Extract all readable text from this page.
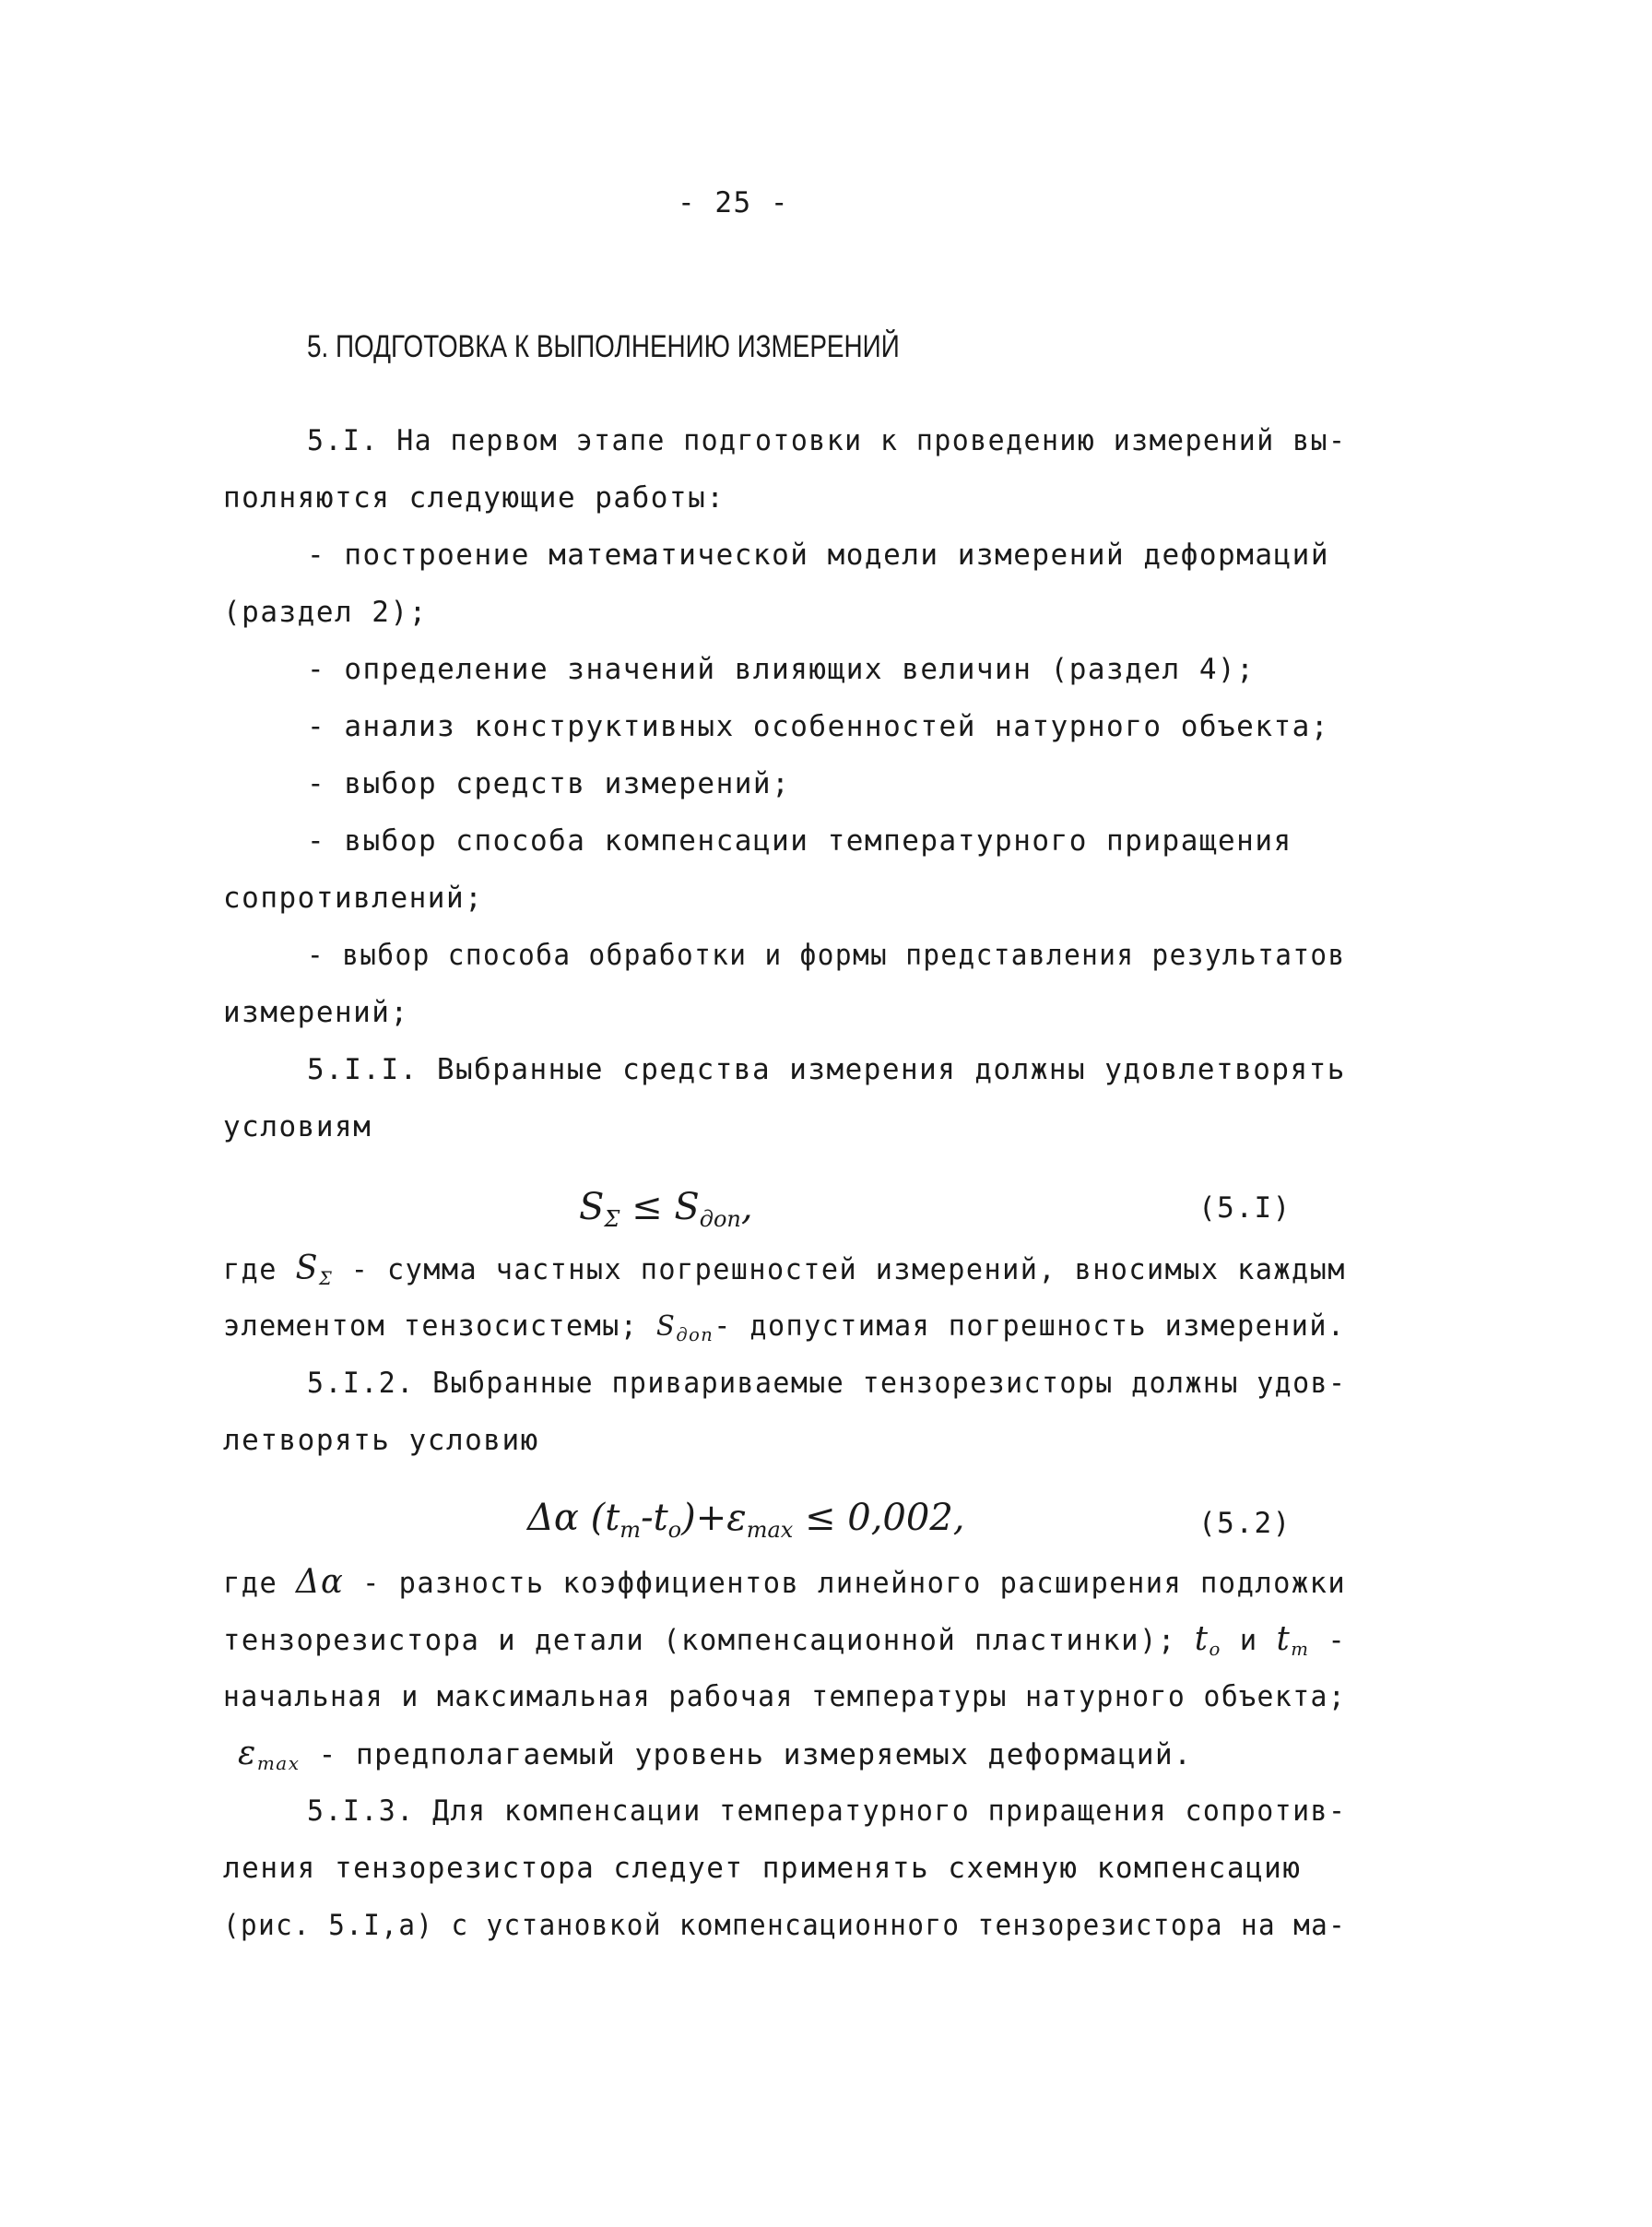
- 25 -
5. ПОДГОТОВКА К ВЫПОЛНЕНИЮ ИЗМЕРЕНИЙ
5.I. На первом этапе подготовки к проведению измерений вы-
полняются следующие работы:
- построение математической модели измерений деформаций
(раздел 2);
- определение значений влияющих величин (раздел 4);
- анализ конструктивных особенностей натурного объекта;
- выбор средств измерений;
- выбор способа компенсации температурного приращения
сопротивлений;
- выбор способа обработки и формы представления результатов
измерений;
5.I.I. Выбранные средства измерения должны удовлетворять
условиям
$S_\Sigma \le S_{доп}$,	(5.I)
где $S_\Sigma$ - сумма частных погрешностей измерений, вносимых каждым
элементом тензосистемы; $S_{доп}-$ допустимая погрешность измерений.
5.I.2. Выбранные привариваемые тензорезисторы должны удов-
летворять условию
Δα $(t_m-t_o)+\varepsilon_{max} \le 0,002$,	(5.2)
где Δα - разность коэффициентов линейного расширения подложки
тензорезистора и детали (компенсационной пластинки); $t_o$ и $t_m$ -
начальная и максимальная рабочая температуры натурного объекта;
$\varepsilon_{max}$ - предполагаемый уровень измеряемых деформаций.
5.I.3. Для компенсации температурного приращения сопротив-
ления тензорезистора следует применять схемную компенсацию
(рис. 5.I,а) с установкой компенсационного тензорезистора на ма-
